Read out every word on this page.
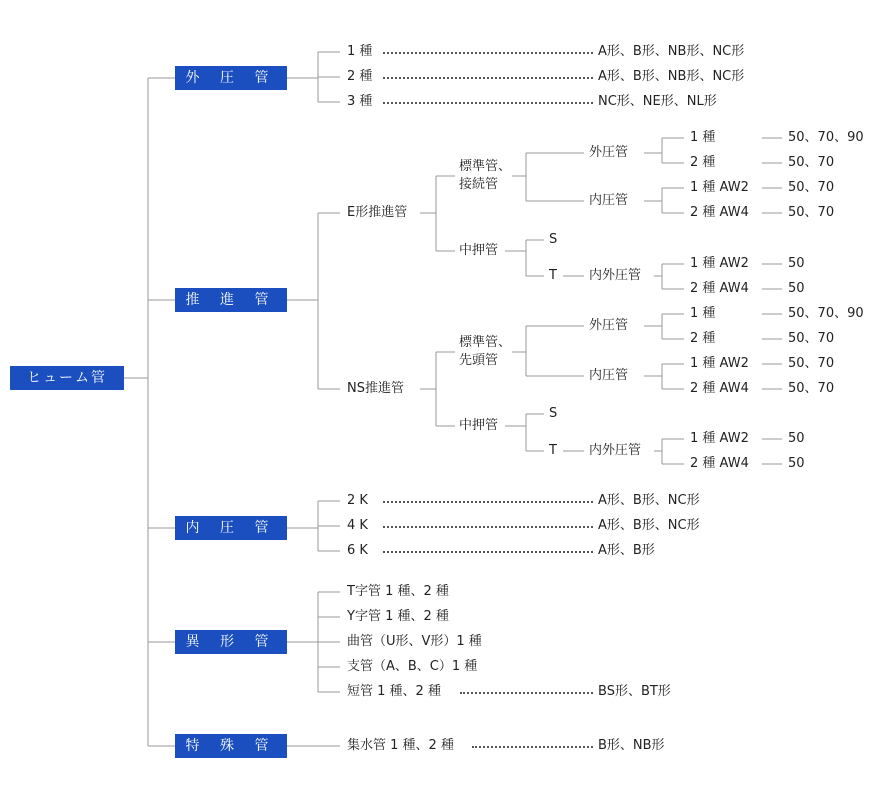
ヒューム管
外 圧 管
推 進 管
内 圧 管
異 形 管
特 殊 管
1 種	A形、B形、NB形、NC形
2 種	A形、B形、NB形、NC形
3 種	NC形、NE形、NL形
E形推進管
標準管、
接続管
中押管
外圧管
内圧管
S
T 内外圧管
1 種	50、70、90
2 種	50、70
1 種 AW2	50、70
2 種 AW4	50、70
1 種 AW2	50
2 種 AW4	50
NS推進管
標準管、
先頭管
中押管
外圧管
内圧管
S
T 内外圧管
1 種	50、70、90
2 種	50、70
1 種 AW2	50、70
2 種 AW4	50、70
1 種 AW2	50
2 種 AW4	50
2 K	A形、B形、NC形
4 K	A形、B形、NC形
6 K	A形、B形
T字管 1 種、2 種
Y字管 1 種、2 種
曲管（U形、V形）1 種
支管（A、B、C）1 種
短管 1 種、2 種	BS形、BT形
集水管 1 種、2 種	B形、NB形
